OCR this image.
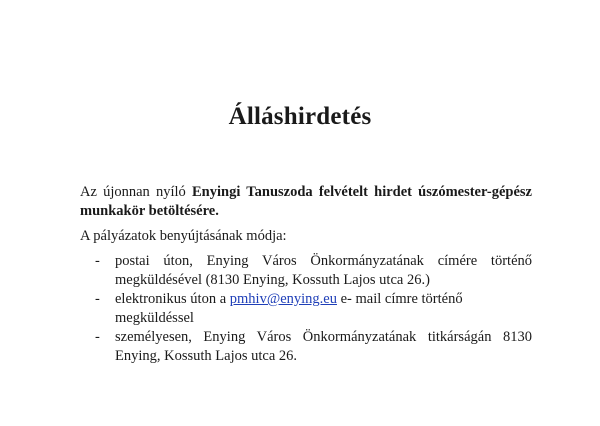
Álláshirdetés
Az újonnan nyíló Enyingi Tanuszoda felvételt hirdet úszómester-gépész munkakör betöltésére.
A pályázatok benyújtásának módja:
- postai úton, Enying Város Önkormányzatának címére történő megküldésével (8130 Enying, Kossuth Lajos utca 26.)
- elektronikus úton a pmhiv@enying.eu e- mail címre történő megküldéssel
- személyesen, Enying Város Önkormányzatának titkárságán 8130 Enying, Kossuth Lajos utca 26.
